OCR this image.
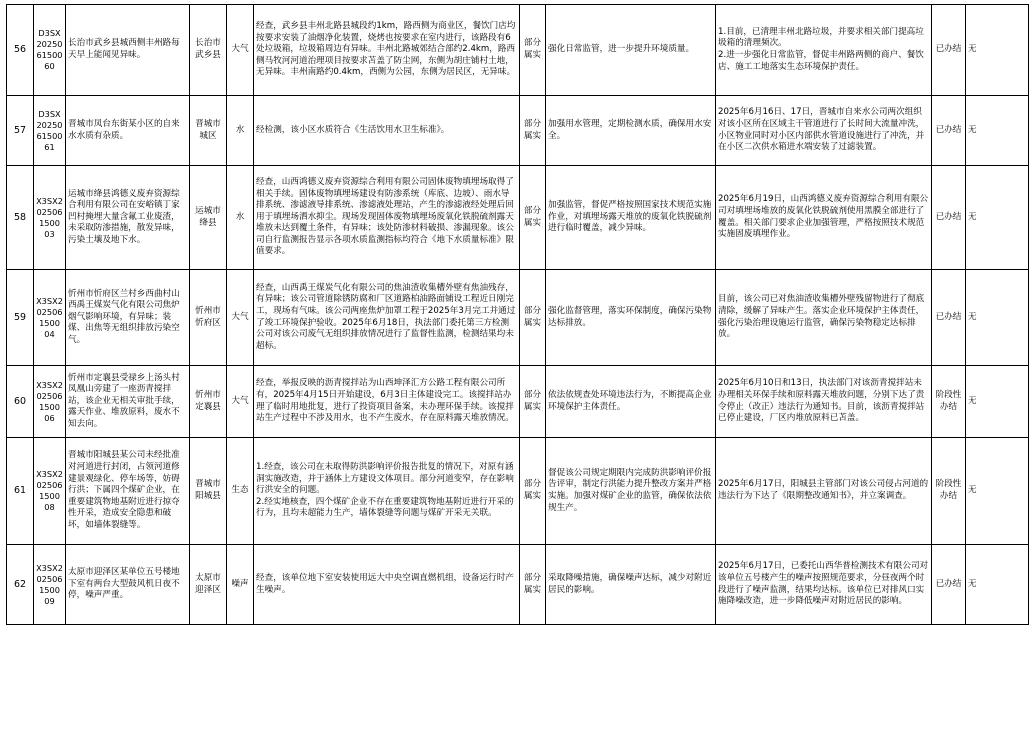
56	D3SX2025061500 60	长治市武乡县城西侧丰州路每天早上能闻见异味。	长治市武乡县	大气	经查，武乡县丰州北路县城段约1km，路西侧为商业区，餐饮门店均按要求安装了油烟净化装置，烧烤也按要求在室内进行，该路段有6处垃圾箱，垃圾箱周边有异味。丰州北路城郊结合部约2.4km，路西侧马牧河河道治理项目按要求苫盖了防尘网，东侧为胡庄铺村土地，无异味。丰州南路约0.4km，西侧为公园，东侧为居民区，无异味。	部分属实	强化日常监管，进一步提升环境质量。	1.目前，已清理丰州北路垃圾，并要求相关部门提高垃圾箱的清理频次。
2.进一步强化日常监管，督促丰州路两侧的商户、餐饮店、施工工地落实生态环境保护责任。	已办结	无
57	D3SX2025061500 61	晋城市凤台东街某小区的自来水水质有杂质。	晋城市城区	水	经检测，该小区水质符合《生活饮用水卫生标准》。	部分属实	加强用水管理，定期检测水质，确保用水安全。	2025年6月16日、17日，晋城市自来水公司两次组织对该小区所在区域主干管道进行了长时间大流量冲洗，小区物业同时对小区内部供水管道设施进行了冲洗，并在小区二次供水箱进水端安装了过滤装置。	已办结	无
58	X3SX2025061500 03	运城市绛县鸿德义废弃资源综合利用有限公司在安峪镇丁家凹村掩埋大量含氟工业废渣，未采取防渗措施，散发异味，污染土壤及地下水。	运城市绛县	水	经查，山西鸿德义废弃资源综合利用有限公司固体废物填埋场取得了相关手续。固体废物填埋场建设有防渗系统（库底、边坡）、雨水导排系统、渗滤液导排系统、渗滤液处理站，产生的渗滤液经处理后回用于填埋场洒水抑尘。现场发现固体废物填埋场废氧化铁脱硫剂露天堆放未达到覆土条件，有异味；该处防渗材料破损、渗漏现象。该公司自行监测报告显示各项水质监测指标均符合《地下水质量标准》限值要求。	部分属实	加强监管，督促严格按照国家技术规范实施作业，对填埋场露天堆放的废氧化铁脱硫剂进行临时覆盖，减少异味。	2025年6月19日，山西鸿德义废弃资源综合利用有限公司对填埋场堆放的废氧化铁脱硫剂使用黑膜全部进行了覆盖。相关部门要求企业加强管理，严格按照技术规范实施固废填埋作业。	已办结	无
59	X3SX2025061500 04	忻州市忻府区兰村乡西曲村山西禹王煤炭气化有限公司焦炉烟气影响环境，有异味；装煤、出焦等无组织排放污染空气。	忻州市忻府区	大气	经查，山西禹王煤炭气化有限公司的焦油渣收集槽外壁有焦油残存，有异味；该公司管道除锈防腐和厂区道路柏油路面铺设工程近日刚完工，现场有气味。该公司两座焦炉加罩工程于2025年3月完工并通过了竣工环境保护验收。2025年6月18日，执法部门委托第三方检测公司对该公司废气无组织排放情况进行了监督性监测，检测结果均未超标。	部分属实	强化监督管理，落实环保制度，确保污染物达标排放。	目前，该公司已对焦油渣收集槽外壁残留物进行了彻底清除，缓解了异味产生。落实企业环境保护主体责任，强化污染治理设施运行监管，确保污染物稳定达标排放。	已办结	无
60	X3SX2025061500 06	忻州市定襄县受禄乡上汤头村凤凰山旁建了一座沥青搅拌站，该企业无相关审批手续，露天作业、堆放原料，废水不知去向。	忻州市定襄县	大气	经查，举报反映的沥青搅拌站为山西坤泽汇方公路工程有限公司所有，2025年4月15日开始建设，6月3日主体建设完工。该搅拌站办理了临时用地批复，进行了投资项目备案，未办理环保手续。该搅拌站生产过程中不涉及用水，也不产生废水，存在原料露天堆放情况。	部分属实	依法依规查处环境违法行为，不断提高企业环境保护主体责任。	2025年6月10日和13日，执法部门对该沥青搅拌站未办理相关环保手续和原料露天堆放问题，分别下达了责令停止（改正）违法行为通知书。目前，该沥青搅拌站已停止建设，厂区内堆放原料已苫盖。	阶段性办结	无
61	X3SX2025061500 08	晋城市阳城县某公司未经批准对河道进行封闭，占领河道修建景观绿化、停车场等，妨碍行洪；下属四个煤矿企业，在重要建筑物地基附近进行掠夺性开采，造成安全隐患和破坏，如墙体裂缝等。	晋城市阳城县	生态	1.经查，该公司在未取得防洪影响评价报告批复的情况下，对原有涵洞实施改造，并于涵体上方建设文体项目。部分河道变窄，存在影响行洪安全的问题。
2.经实地核查，四个煤矿企业不存在重要建筑物地基附近进行开采的行为，且均未超能力生产，墙体裂缝等问题与煤矿开采无关联。	部分属实	督促该公司规定期限内完成防洪影响评价报告评审，制定行洪能力提升整改方案并严格实施。加强对煤矿企业的监管，确保依法依规生产。	2025年6月17日，阳城县主管部门对该公司侵占河道的违法行为下达了《限期整改通知书》，并立案调查。	阶段性办结	无
62	X3SX2025061500 09	太原市迎泽区某单位五号楼地下室有两台大型鼓风机日夜不停，噪声严重。	太原市迎泽区	噪声	经查，该单位地下室安装使用远大中央空调直燃机组，设备运行时产生噪声。	部分属实	采取降噪措施，确保噪声达标，减少对附近居民的影响。	2025年6月17日，已委托山西华普检测技术有限公司对该单位五号楼产生的噪声按照规范要求，分昼夜两个时段进行了噪声监测，结果均达标。该单位已对排风口实施降噪改造，进一步降低噪声对附近居民的影响。	已办结	无
